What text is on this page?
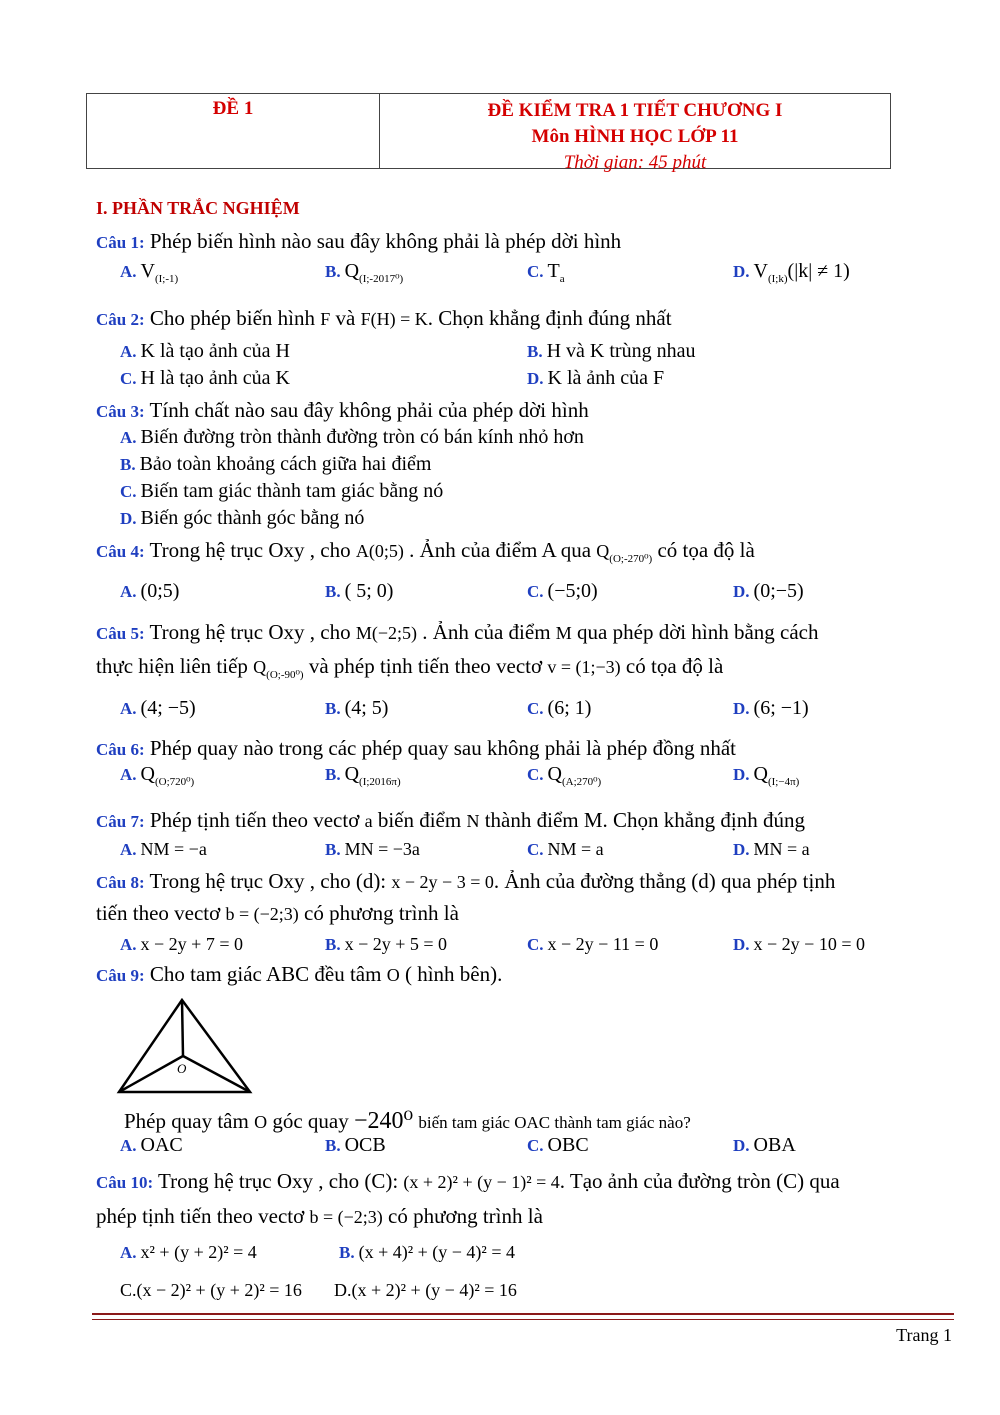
ĐỀ 1	ĐỀ KIỂM TRA 1 TIẾT CHƯƠNG I
Môn HÌNH HỌC LỚP 11
Thời gian: 45 phút
I. PHẦN TRẮC NGHIỆM
Câu 1: Phép biến hình nào sau đây không phải là phép dời hình
A. $V_{(I;-1)}$	B. $Q_{(I;-2017^0)}$	C. $T_a$	D. $V_{(I;k)}(|k| \ne 1)$
Câu 2: Cho phép biến hình F và F(H) = K. Chọn khẳng định đúng nhất
A. K là tạo ảnh của H	B. H và K trùng nhau
C. H là tạo ảnh của K	D. K là ảnh của F
Câu 3: Tính chất nào sau đây không phải của phép dời hình
A. Biến đường tròn thành đường tròn có bán kính nhỏ hơn
B. Bảo toàn khoảng cách giữa hai điểm
C. Biến tam giác thành tam giác bằng nó
D. Biến góc thành góc bằng nó
Câu 4: Trong hệ trục Oxy , cho A(0;5) . Ảnh của điểm A qua $Q_{(O;-270^0)}$ có tọa độ là
A. (0;5)	B. ( 5; 0)	C. (−5;0)	D. (0;−5)
Câu 5: Trong hệ trục Oxy , cho M(−2;5) . Ảnh của điểm M qua phép dời hình bằng cách
thực hiện liên tiếp $Q_{(O;-90^0)}$ và phép tịnh tiến theo vectơ v = (1;−3) có tọa độ là
A. (4; −5)	B. (4; 5)	C. (6; 1)	D. (6; −1)
Câu 6: Phép quay nào trong các phép quay sau không phải là phép đồng nhất
A. $Q_{(O;720^0)}$	B. $Q_{(I;2016\pi)}$	C. $Q_{(A;270^0)}$	D. $Q_{(I;-4\pi)}$
Câu 7: Phép tịnh tiến theo vectơ a biến điểm N thành điểm M. Chọn khẳng định đúng
A. NM = −a	B. MN = −3a	C. NM = a	D. MN = a
Câu 8: Trong hệ trục Oxy , cho (d): x − 2y − 3 = 0. Ảnh của đường thẳng (d) qua phép tịnh
tiến theo vectơ b = (−2;3) có phương trình là
A. x − 2y + 7 = 0	B. x − 2y + 5 = 0	C. x − 2y − 11 = 0	D. x − 2y − 10 = 0
Câu 9: Cho tam giác ABC đều tâm O ( hình bên).
O
Phép quay tâm O góc quay −240⁰ biến tam giác OAC thành tam giác nào?
A. OAC	B. OCB	C. OBC	D. OBA
Câu 10: Trong hệ trục Oxy , cho (C): (x + 2)² + (y − 1)² = 4. Tạo ảnh của đường tròn (C) qua
phép tịnh tiến theo vectơ b = (−2;3) có phương trình là
A. x² + (y + 2)² = 4	B. (x + 4)² + (y − 4)² = 4
C.(x − 2)² + (y + 2)² = 16 D.(x + 2)² + (y − 4)² = 16
Trang 1
